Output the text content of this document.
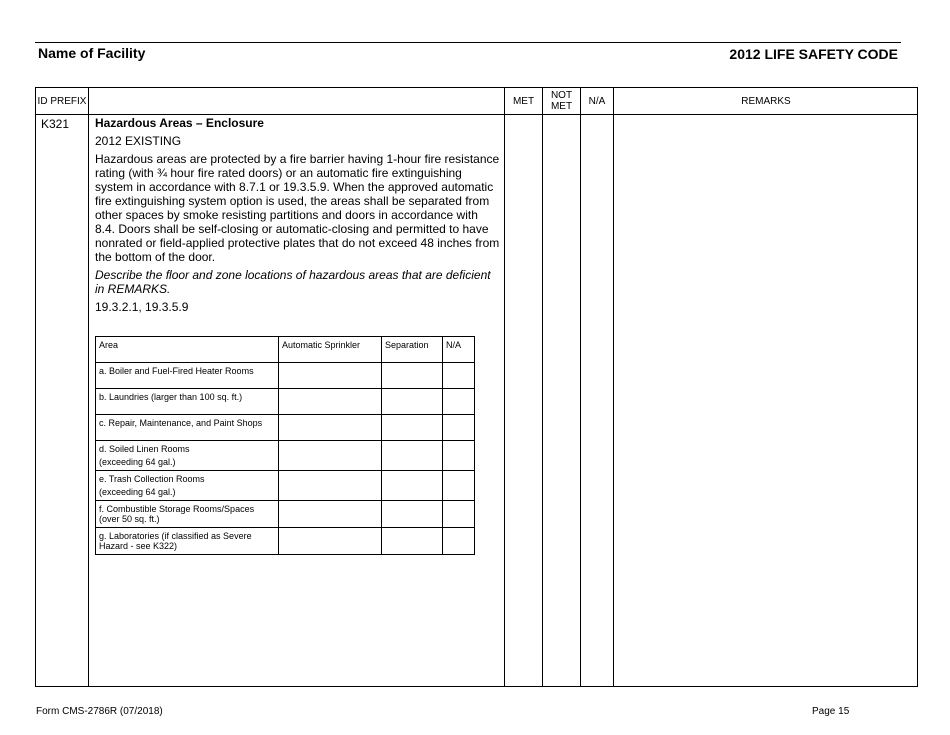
Name of Facility	2012 LIFE SAFETY CODE
ID PREFIX	MET	NOT MET	N/A	REMARKS
K321 Hazardous Areas – Enclosure
2012 EXISTING
Hazardous areas are protected by a fire barrier having 1-hour fire resistance rating (with ¾ hour fire rated doors) or an automatic fire extinguishing system in accordance with 8.7.1 or 19.3.5.9. When the approved automatic fire extinguishing system option is used, the areas shall be separated from other spaces by smoke resisting partitions and doors in accordance with 8.4. Doors shall be self-closing or automatic-closing and permitted to have nonrated or field-applied protective plates that do not exceed 48 inches from the bottom of the door.
Describe the floor and zone locations of hazardous areas that are deficient in REMARKS.
19.3.2.1, 19.3.5.9
Area	Automatic Sprinkler	Separation	N/A

a. Boiler and Fuel-Fired Heater Rooms			

b. Laundries (larger than 100 sq. ft.)			

c. Repair, Maintenance, and Paint Shops			

d. Soiled Linen Rooms
(exceeding 64 gal.)			

e. Trash Collection Rooms
(exceeding 64 gal.)			

f. Combustible Storage Rooms/Spaces
(over 50 sq. ft.)			

g. Laboratories (if classified as Severe
Hazard - see K322)			

Form CMS-2786R (07/2018)	Page 15
